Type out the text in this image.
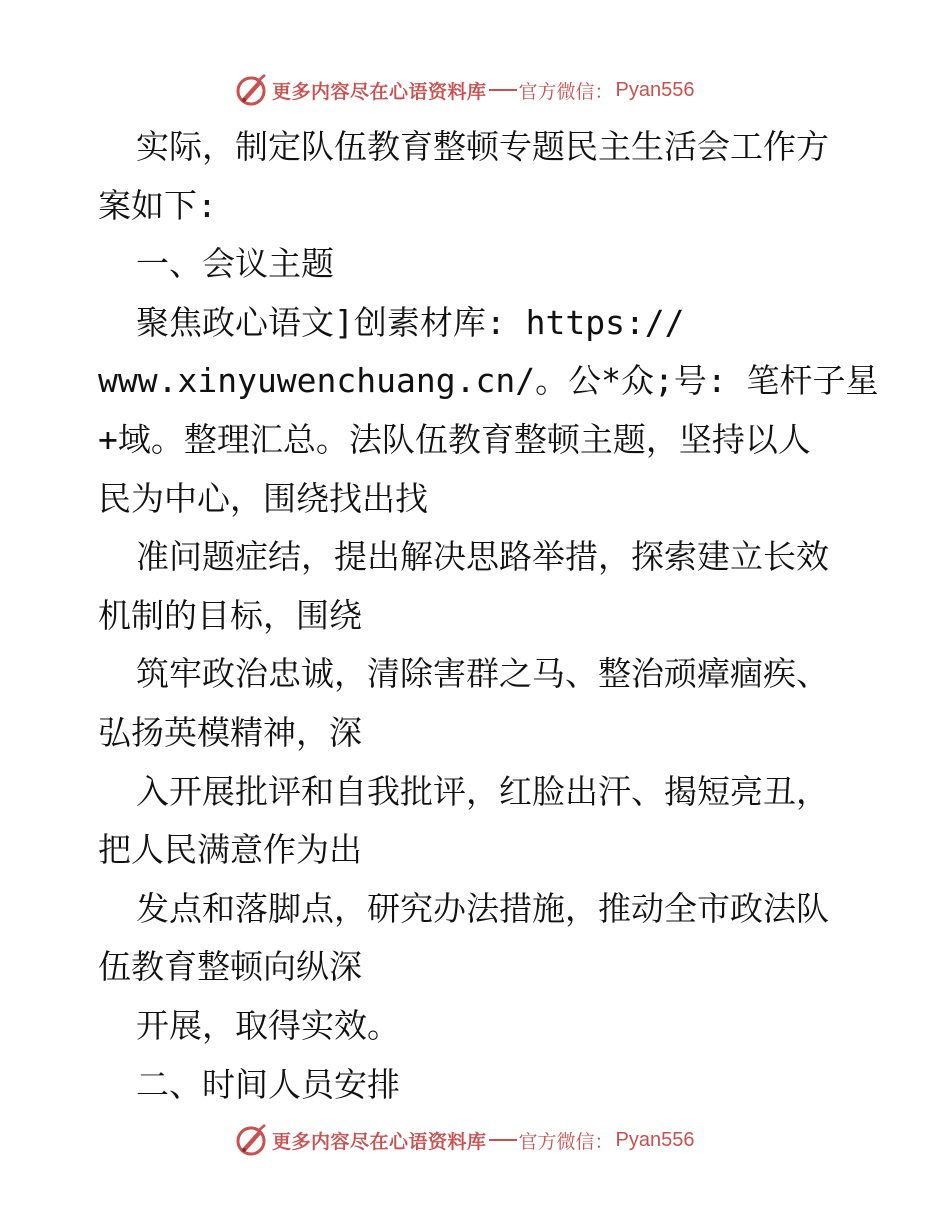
更多内容尽在心语资料库 官方微信： Pyan556
实际，制定队伍教育整顿专题民主生活会工作方
案如下:
一、会议主题
聚焦政心语文]创素材库: https://
www.xinyuwenchuang.cn/。公*众;号: 笔杆子星
+域。整理汇总。法队伍教育整顿主题，坚持以人
民为中心，围绕找出找
准问题症结，提出解决思路举措，探索建立长效
机制的目标，围绕
筑牢政治忠诚，清除害群之马、整治顽瘴痼疾、
弘扬英模精神，深
入开展批评和自我批评，红脸出汗、揭短亮丑，
把人民满意作为出
发点和落脚点，研究办法措施，推动全市政法队
伍教育整顿向纵深
开展，取得实效。
二、时间人员安排
更多内容尽在心语资料库 官方微信： Pyan556
